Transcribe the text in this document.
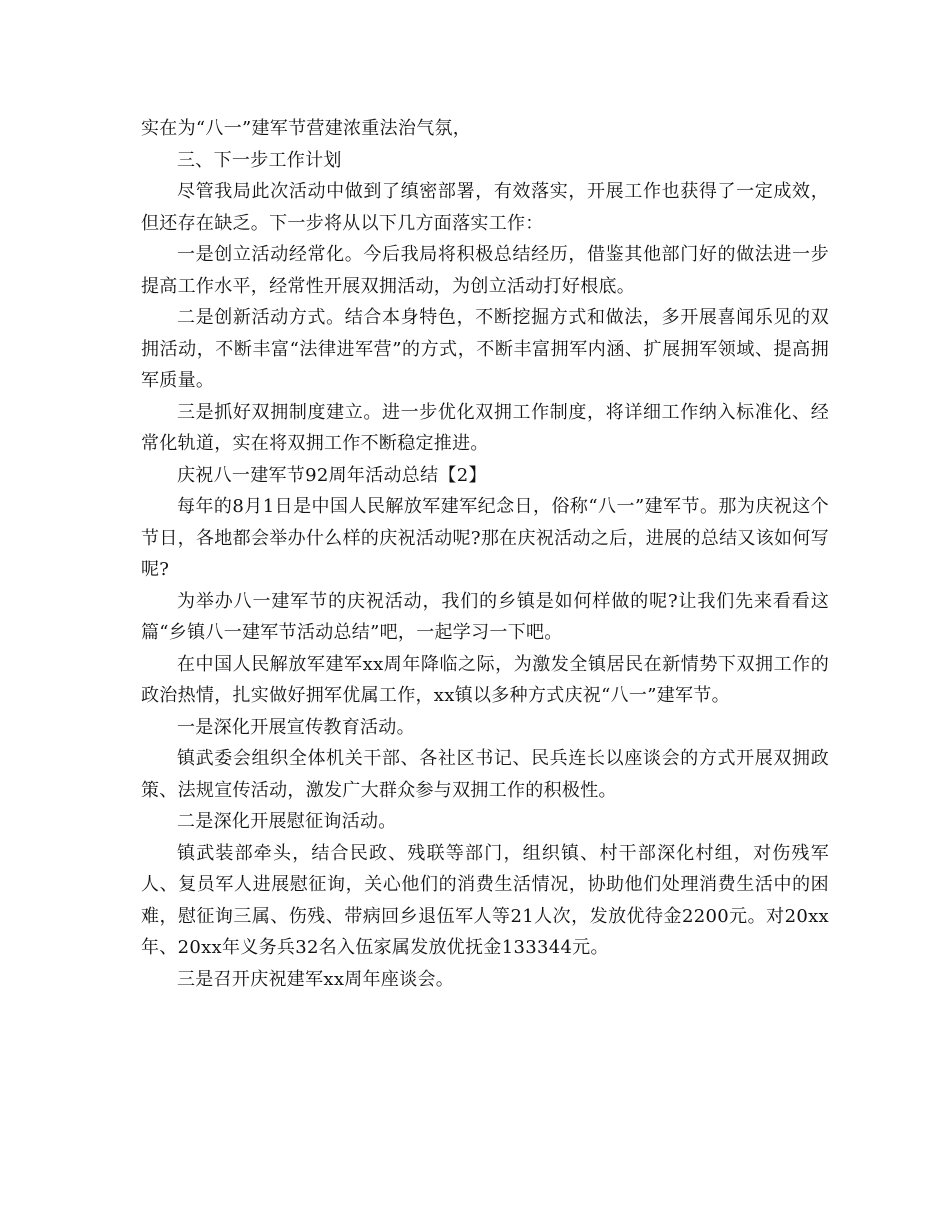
实在为“八一”建军节营建浓重法治气氛，

三、下一步工作计划

尽管我局此次活动中做到了缜密部署，有效落实，开展工作也获得了一定成效，但还存在缺乏。下一步将从以下几方面落实工作：

一是创立活动经常化。今后我局将积极总结经历，借鉴其他部门好的做法进一步提高工作水平，经常性开展双拥活动，为创立活动打好根底。

二是创新活动方式。结合本身特色，不断挖掘方式和做法，多开展喜闻乐见的双拥活动，不断丰富“法律进军营”的方式，不断丰富拥军内涵、扩展拥军领域、提高拥军质量。

三是抓好双拥制度建立。进一步优化双拥工作制度，将详细工作纳入标准化、经常化轨道，实在将双拥工作不断稳定推进。

庆祝八一建军节92周年活动总结【2】

每年的8月1日是中国人民解放军建军纪念日，俗称“八一”建军节。那为庆祝这个节日，各地都会举办什么样的庆祝活动呢?那在庆祝活动之后，进展的总结又该如何写呢?

为举办八一建军节的庆祝活动，我们的乡镇是如何样做的呢?让我们先来看看这篇“乡镇八一建军节活动总结”吧，一起学习一下吧。

在中国人民解放军建军xx周年降临之际，为激发全镇居民在新情势下双拥工作的政治热情，扎实做好拥军优属工作，xx镇以多种方式庆祝“八一”建军节。

一是深化开展宣传教育活动。

镇武委会组织全体机关干部、各社区书记、民兵连长以座谈会的方式开展双拥政策、法规宣传活动，激发广大群众参与双拥工作的积极性。

二是深化开展慰征询活动。

镇武装部牵头，结合民政、残联等部门，组织镇、村干部深化村组，对伤残军人、复员军人进展慰征询，关心他们的消费生活情况，协助他们处理消费生活中的困难，慰征询三属、伤残、带病回乡退伍军人等21人次，发放优待金2200元。对20xx年、20xx年义务兵32名入伍家属发放优抚金133344元。

三是召开庆祝建军xx周年座谈会。
